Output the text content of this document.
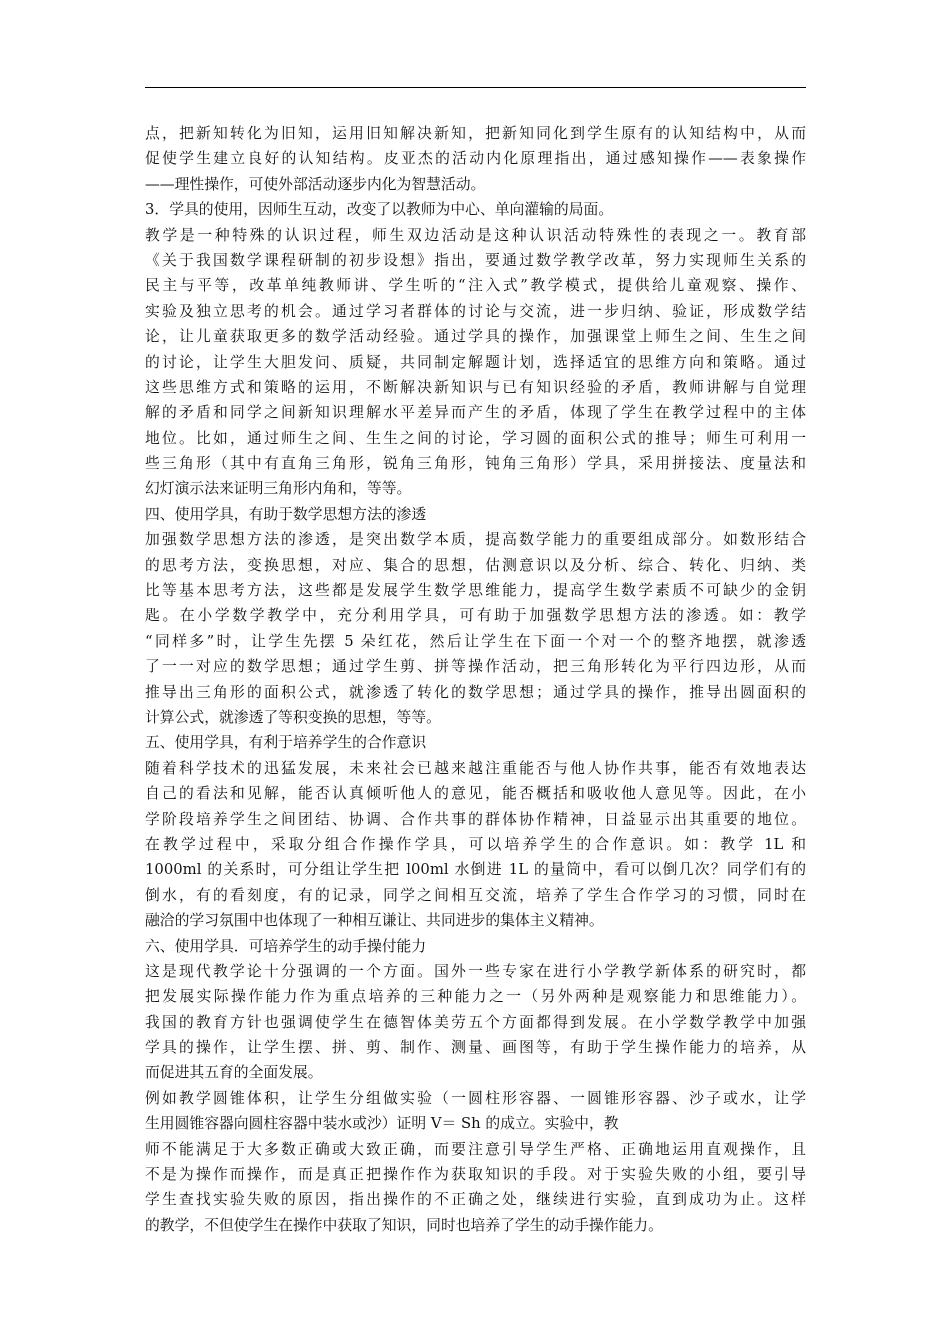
点，把新知转化为旧知，运用旧知解决新知，把新知同化到学生原有的认知结构中，从而
促使学生建立良好的认知结构。皮亚杰的活动内化原理指出，通过感知操作——表象操作
——理性操作，可使外部活动逐步内化为智慧活动。
3．学具的使用，因师生互动，改变了以教师为中心、单向灌输的局面。
教学是一种特殊的认识过程，师生双边活动是这种认识活动特殊性的表现之一。教育部
《关于我国数学课程研制的初步设想》指出，要通过数学教学改革，努力实现师生关系的
民主与平等，改革单纯教师讲、学生听的“注入式”教学模式，提供给儿童观察、操作、
实验及独立思考的机会。通过学习者群体的讨论与交流，进一步归纳、验证，形成数学结
论，让儿童获取更多的数学活动经验。通过学具的操作，加强课堂上师生之间、生生之间
的讨论，让学生大胆发问、质疑，共同制定解题计划，选择适宜的思维方向和策略。通过
这些思维方式和策略的运用，不断解决新知识与已有知识经验的矛盾，教师讲解与自觉理
解的矛盾和同学之间新知识理解水平差异而产生的矛盾，体现了学生在教学过程中的主体
地位。比如，通过师生之间、生生之间的讨论，学习圆的面积公式的推导；师生可利用一
些三角形（其中有直角三角形，锐角三角形，钝角三角形）学具，采用拼接法、度量法和
幻灯演示法来证明三角形内角和，等等。
四、使用学具，有助于数学思想方法的渗透
加强数学思想方法的渗透，是突出数学本质，提高数学能力的重要组成部分。如数形结合
的思考方法，变换思想，对应、集合的思想，估测意识以及分析、综合、转化、归纳、类
比等基本思考方法，这些都是发展学生数学思维能力，提高学生数学素质不可缺少的金钥
匙。在小学数学教学中，充分利用学具，可有助于加强数学思想方法的渗透。如：教学
“同样多”时，让学生先摆 5 朵红花，然后让学生在下面一个对一个的整齐地摆，就渗透
了一一对应的数学思想；通过学生剪、拼等操作活动，把三角形转化为平行四边形，从而
推导出三角形的面积公式，就渗透了转化的数学思想；通过学具的操作，推导出圆面积的
计算公式，就渗透了等积变换的思想，等等。
五、使用学具，有利于培养学生的合作意识
随着科学技术的迅猛发展，未来社会已越来越注重能否与他人协作共事，能否有效地表达
自己的看法和见解，能否认真倾听他人的意见，能否概括和吸收他人意见等。因此，在小
学阶段培养学生之间团结、协调、合作共事的群体协作精神，日益显示出其重要的地位。
在教学过程中，采取分组合作操作学具，可以培养学生的合作意识。如：教学 1L 和
1000ml 的关系时，可分组让学生把 l00ml 水倒进 1L 的量筒中，看可以倒几次？同学们有的
倒水，有的看刻度，有的记录，同学之间相互交流，培养了学生合作学习的习惯，同时在
融洽的学习氛围中也体现了一种相互谦让、共同进步的集体主义精神。
六、使用学具．可培养学生的动手操付能力
这是现代教学论十分强调的一个方面。国外一些专家在进行小学教学新体系的研究时，都
把发展实际操作能力作为重点培养的三种能力之一（另外两种是观察能力和思维能力）。
我国的教育方针也强调使学生在德智体美劳五个方面都得到发展。在小学数学教学中加强
学具的操作，让学生摆、拼、剪、制作、测量、画图等，有助于学生操作能力的培养，从
而促进其五育的全面发展。
例如教学圆锥体积，让学生分组做实验（一圆柱形容器、一圆锥形容器、沙子或水，让学
生用圆锥容器向圆柱容器中装水或沙）证明 V＝ Sh 的成立。实验中，教
师不能满足于大多数正确或大致正确，而要注意引导学生严格、正确地运用直观操作，且
不是为操作而操作，而是真正把操作作为获取知识的手段。对于实验失败的小组，要引导
学生查找实验失败的原因，指出操作的不正确之处，继续进行实验，直到成功为止。这样
的教学，不但使学生在操作中获取了知识，同时也培养了学生的动手操作能力。
